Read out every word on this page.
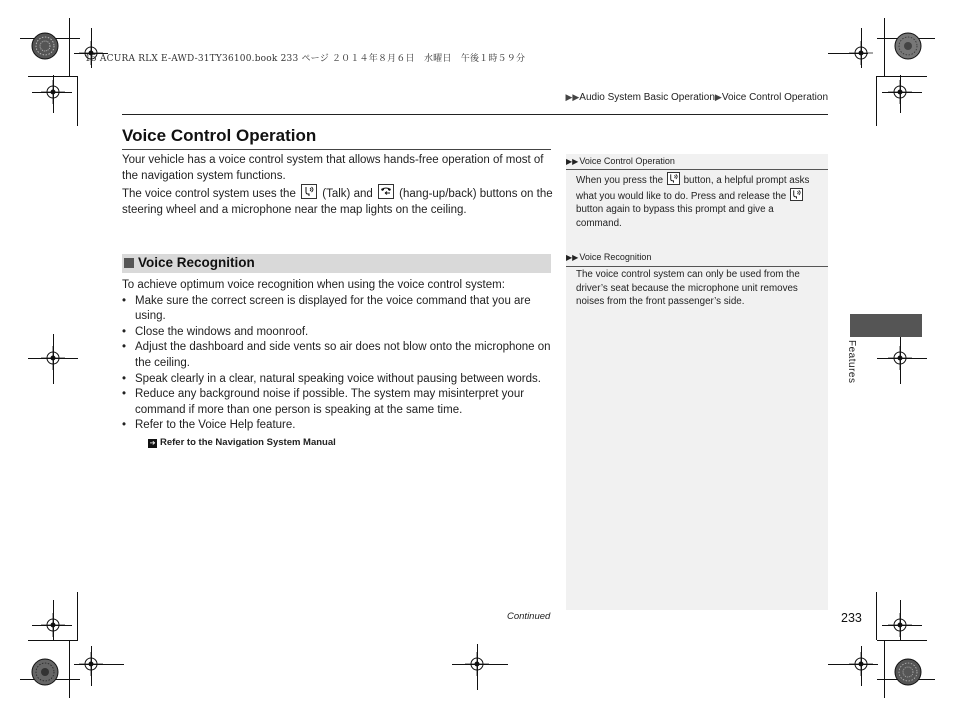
15 ACURA RLX E-AWD-31TY36100.book 233 ページ ２０１４年８月６日　水曜日　午後１時５９分
▶▶Audio System Basic Operation▶Voice Control Operation
Voice Control Operation

Your vehicle has a voice control system that allows hands-free operation of most of the navigation system functions.

The voice control system uses the (Talk) and (hang-up/back) buttons on the steering wheel and a microphone near the map lights on the ceiling.

Voice Recognition

To achieve optimum voice recognition when using the voice control system:

• Make sure the correct screen is displayed for the voice command that you are using.
• Close the windows and moonroof.
• Adjust the dashboard and side vents so air does not blow onto the microphone on the ceiling.
• Speak clearly in a clear, natural speaking voice without pausing between words.
• Reduce any background noise if possible. The system may misinterpret your command if more than one person is speaking at the same time.
• Refer to the Voice Help feature.
➔ Refer to the Navigation System Manual
▶▶Voice Control Operation
When you press the button, a helpful prompt asks what you would like to do. Press and release the
button again to bypass this prompt and give a command.
▶▶Voice Recognition
The voice control system can only be used from the driver’s seat because the microphone unit removes noises from the front passenger’s side.
Continued	233
Features
